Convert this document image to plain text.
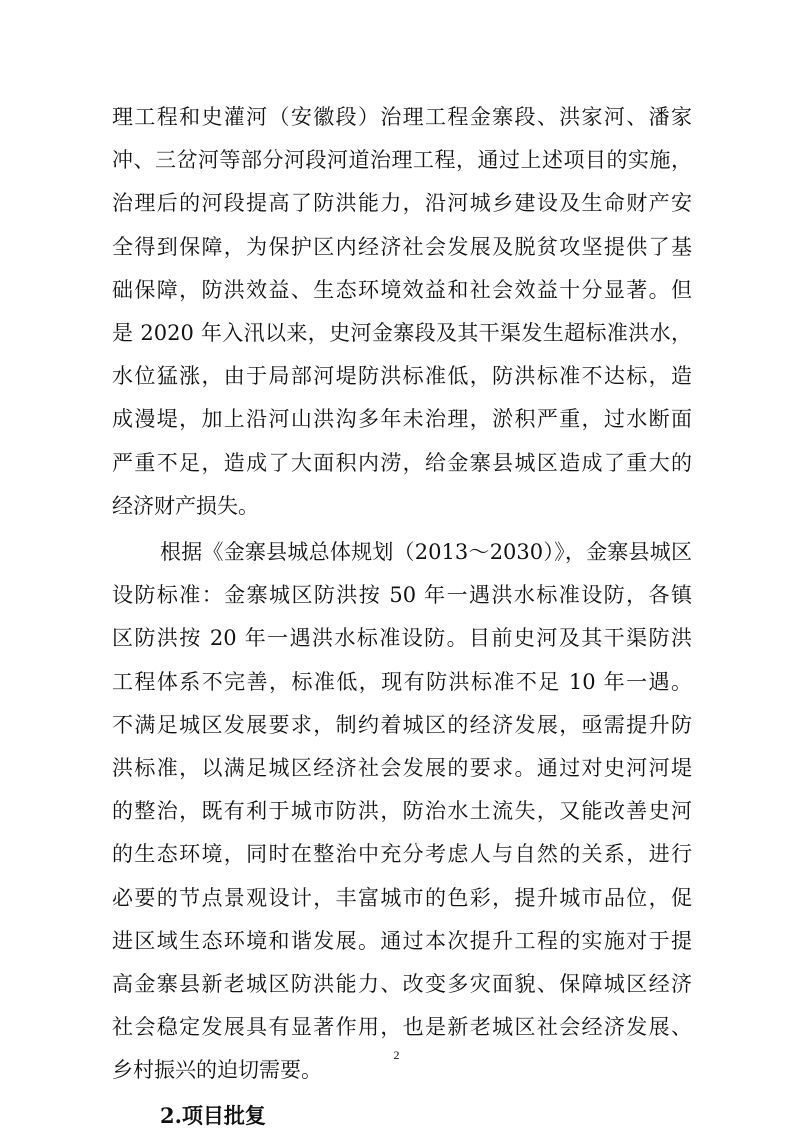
理工程和史灌河（安徽段）治理工程金寨段、洪家河、潘家
冲、三岔河等部分河段河道治理工程，通过上述项目的实施，
治理后的河段提高了防洪能力，沿河城乡建设及生命财产安
全得到保障，为保护区内经济社会发展及脱贫攻坚提供了基
础保障，防洪效益、生态环境效益和社会效益十分显著。但
是 2020 年入汛以来，史河金寨段及其干渠发生超标准洪水，
水位猛涨，由于局部河堤防洪标准低，防洪标准不达标，造
成漫堤，加上沿河山洪沟多年未治理，淤积严重，过水断面
严重不足，造成了大面积内涝，给金寨县城区造成了重大的
经济财产损失。
根据《金寨县城总体规划（2013～2030）》，金寨县城区
设防标准：金寨城区防洪按 50 年一遇洪水标准设防，各镇
区防洪按 20 年一遇洪水标准设防。目前史河及其干渠防洪
工程体系不完善，标准低，现有防洪标准不足 10 年一遇。
不满足城区发展要求，制约着城区的经济发展，亟需提升防
洪标准，以满足城区经济社会发展的要求。通过对史河河堤
的整治，既有利于城市防洪，防治水土流失，又能改善史河
的生态环境，同时在整治中充分考虑人与自然的关系，进行
必要的节点景观设计，丰富城市的色彩，提升城市品位，促
进区域生态环境和谐发展。通过本次提升工程的实施对于提
高金寨县新老城区防洪能力、改变多灾面貌、保障城区经济
社会稳定发展具有显著作用，也是新老城区社会经济发展、
乡村振兴的迫切需要。
2
2.项目批复
